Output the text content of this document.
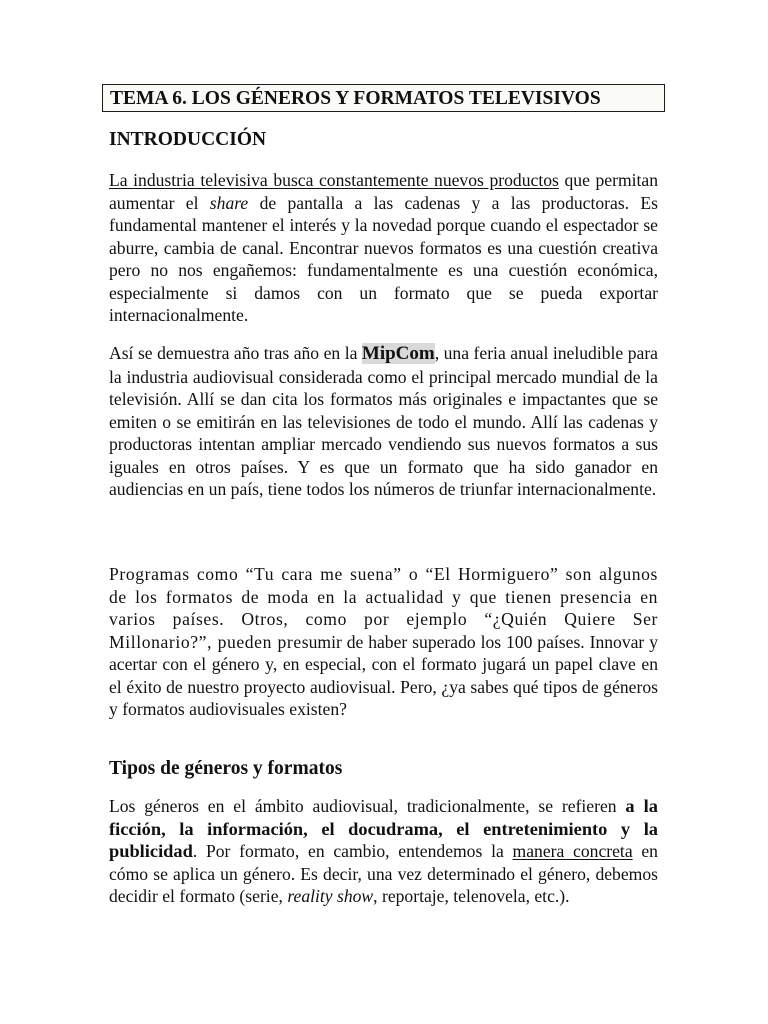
TEMA 6. LOS GÉNEROS Y FORMATOS TELEVISIVOS
INTRODUCCIÓN

La industria televisiva busca constantemente nuevos productos que permitan aumentar el share de pantalla a las cadenas y a las productoras. Es fundamental mantener el interés y la novedad porque cuando el espectador se aburre, cambia de canal. Encontrar nuevos formatos es una cuestión creativa pero no nos engañemos: fundamentalmente es una cuestión económica, especialmente si damos con un formato que se pueda exportar internacionalmente.

Así se demuestra año tras año en la MipCom, una feria anual ineludible para la industria audiovisual considerada como el principal mercado mundial de la televisión. Allí se dan cita los formatos más originales e impactantes que se emiten o se emitirán en las televisiones de todo el mundo. Allí las cadenas y productoras intentan ampliar mercado vendiendo sus nuevos formatos a sus iguales en otros países. Y es que un formato que ha sido ganador en audiencias en un país, tiene todos los números de triunfar internacionalmente.

Programas como “Tu cara me suena” o “El Hormiguero” son algunos de los formatos de moda en la actualidad y que tienen presencia en varios países. Otros, como por ejemplo “¿Quién Quiere Ser Millonario?”, pueden presumir de haber superado los 100 países. Innovar y acertar con el género y, en especial, con el formato jugará un papel clave en el éxito de nuestro proyecto audiovisual. Pero, ¿ya sabes qué tipos de géneros y formatos audiovisuales existen?

Tipos de géneros y formatos

Los géneros en el ámbito audiovisual, tradicionalmente, se refieren a la ficción, la información, el docudrama, el entretenimiento y la publicidad. Por formato, en cambio, entendemos la manera concreta en cómo se aplica un género. Es decir, una vez determinado el género, debemos decidir el formato (serie, reality show, reportaje, telenovela, etc.).
